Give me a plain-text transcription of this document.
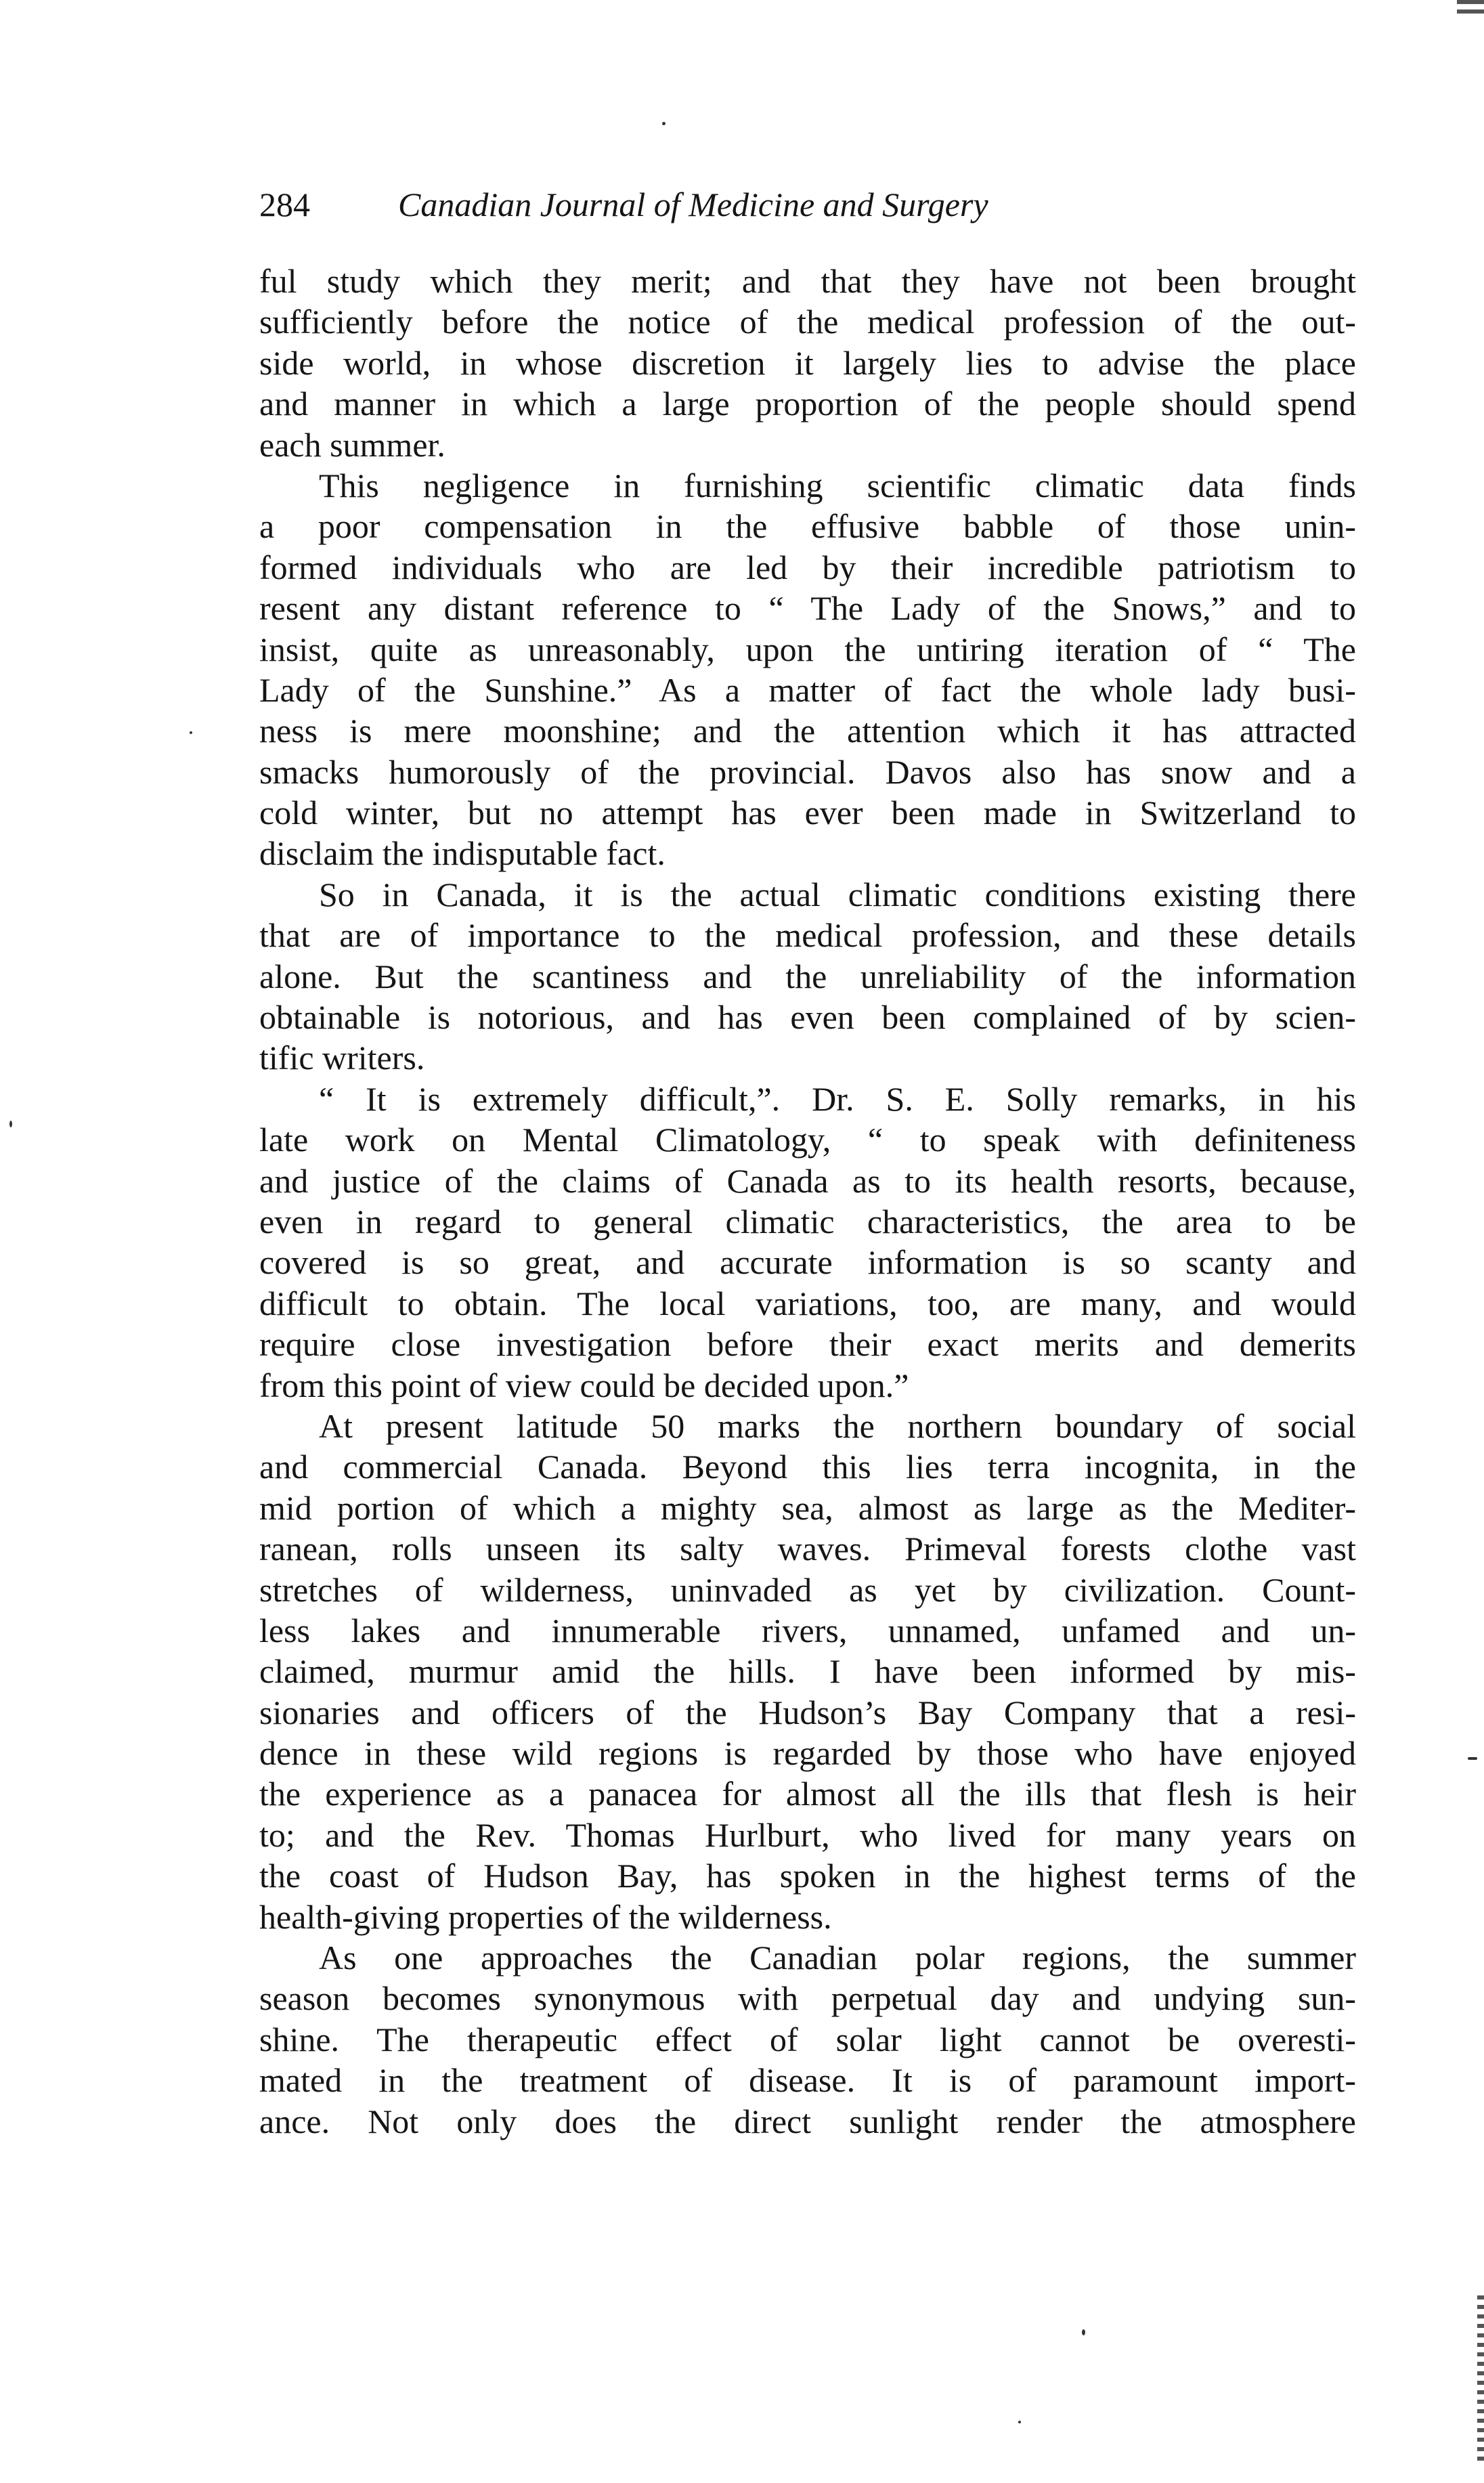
284	Canadian Journal of Medicine and Surgery
ful study which they merit; and that they have not been brought
sufficiently before the notice of the medical profession of the out-
side world, in whose discretion it largely lies to advise the place
and manner in which a large proportion of the people should spend
each summer.
This negligence in furnishing scientific climatic data finds
a poor compensation in the effusive babble of those unin-
formed individuals who are led by their incredible patriotism to
resent any distant reference to “ The Lady of the Snows,” and to
insist, quite as unreasonably, upon the untiring iteration of “ The
Lady of the Sunshine.” As a matter of fact the whole lady busi-
ness is mere moonshine; and the attention which it has attracted
smacks humorously of the provincial. Davos also has snow and a
cold winter, but no attempt has ever been made in Switzerland to
disclaim the indisputable fact.
So in Canada, it is the actual climatic conditions existing there
that are of importance to the medical profession, and these details
alone. But the scantiness and the unreliability of the information
obtainable is notorious, and has even been complained of by scien-
tific writers.
“ It is extremely difficult,”. Dr. S. E. Solly remarks, in his
late work on Mental Climatology, “ to speak with definiteness
and justice of the claims of Canada as to its health resorts, because,
even in regard to general climatic characteristics, the area to be
covered is so great, and accurate information is so scanty and
difficult to obtain. The local variations, too, are many, and would
require close investigation before their exact merits and demerits
from this point of view could be decided upon.”
At present latitude 50 marks the northern boundary of social
and commercial Canada. Beyond this lies terra incognita, in the
mid portion of which a mighty sea, almost as large as the Mediter-
ranean, rolls unseen its salty waves. Primeval forests clothe vast
stretches of wilderness, uninvaded as yet by civilization. Count-
less lakes and innumerable rivers, unnamed, unfamed and un-
claimed, murmur amid the hills. I have been informed by mis-
sionaries and officers of the Hudson’s Bay Company that a resi-
dence in these wild regions is regarded by those who have enjoyed
the experience as a panacea for almost all the ills that flesh is heir
to; and the Rev. Thomas Hurlburt, who lived for many years on
the coast of Hudson Bay, has spoken in the highest terms of the
health-giving properties of the wilderness.
As one approaches the Canadian polar regions, the summer
season becomes synonymous with perpetual day and undying sun-
shine. The therapeutic effect of solar light cannot be overesti-
mated in the treatment of disease. It is of paramount import-
ance. Not only does the direct sunlight render the atmosphere
